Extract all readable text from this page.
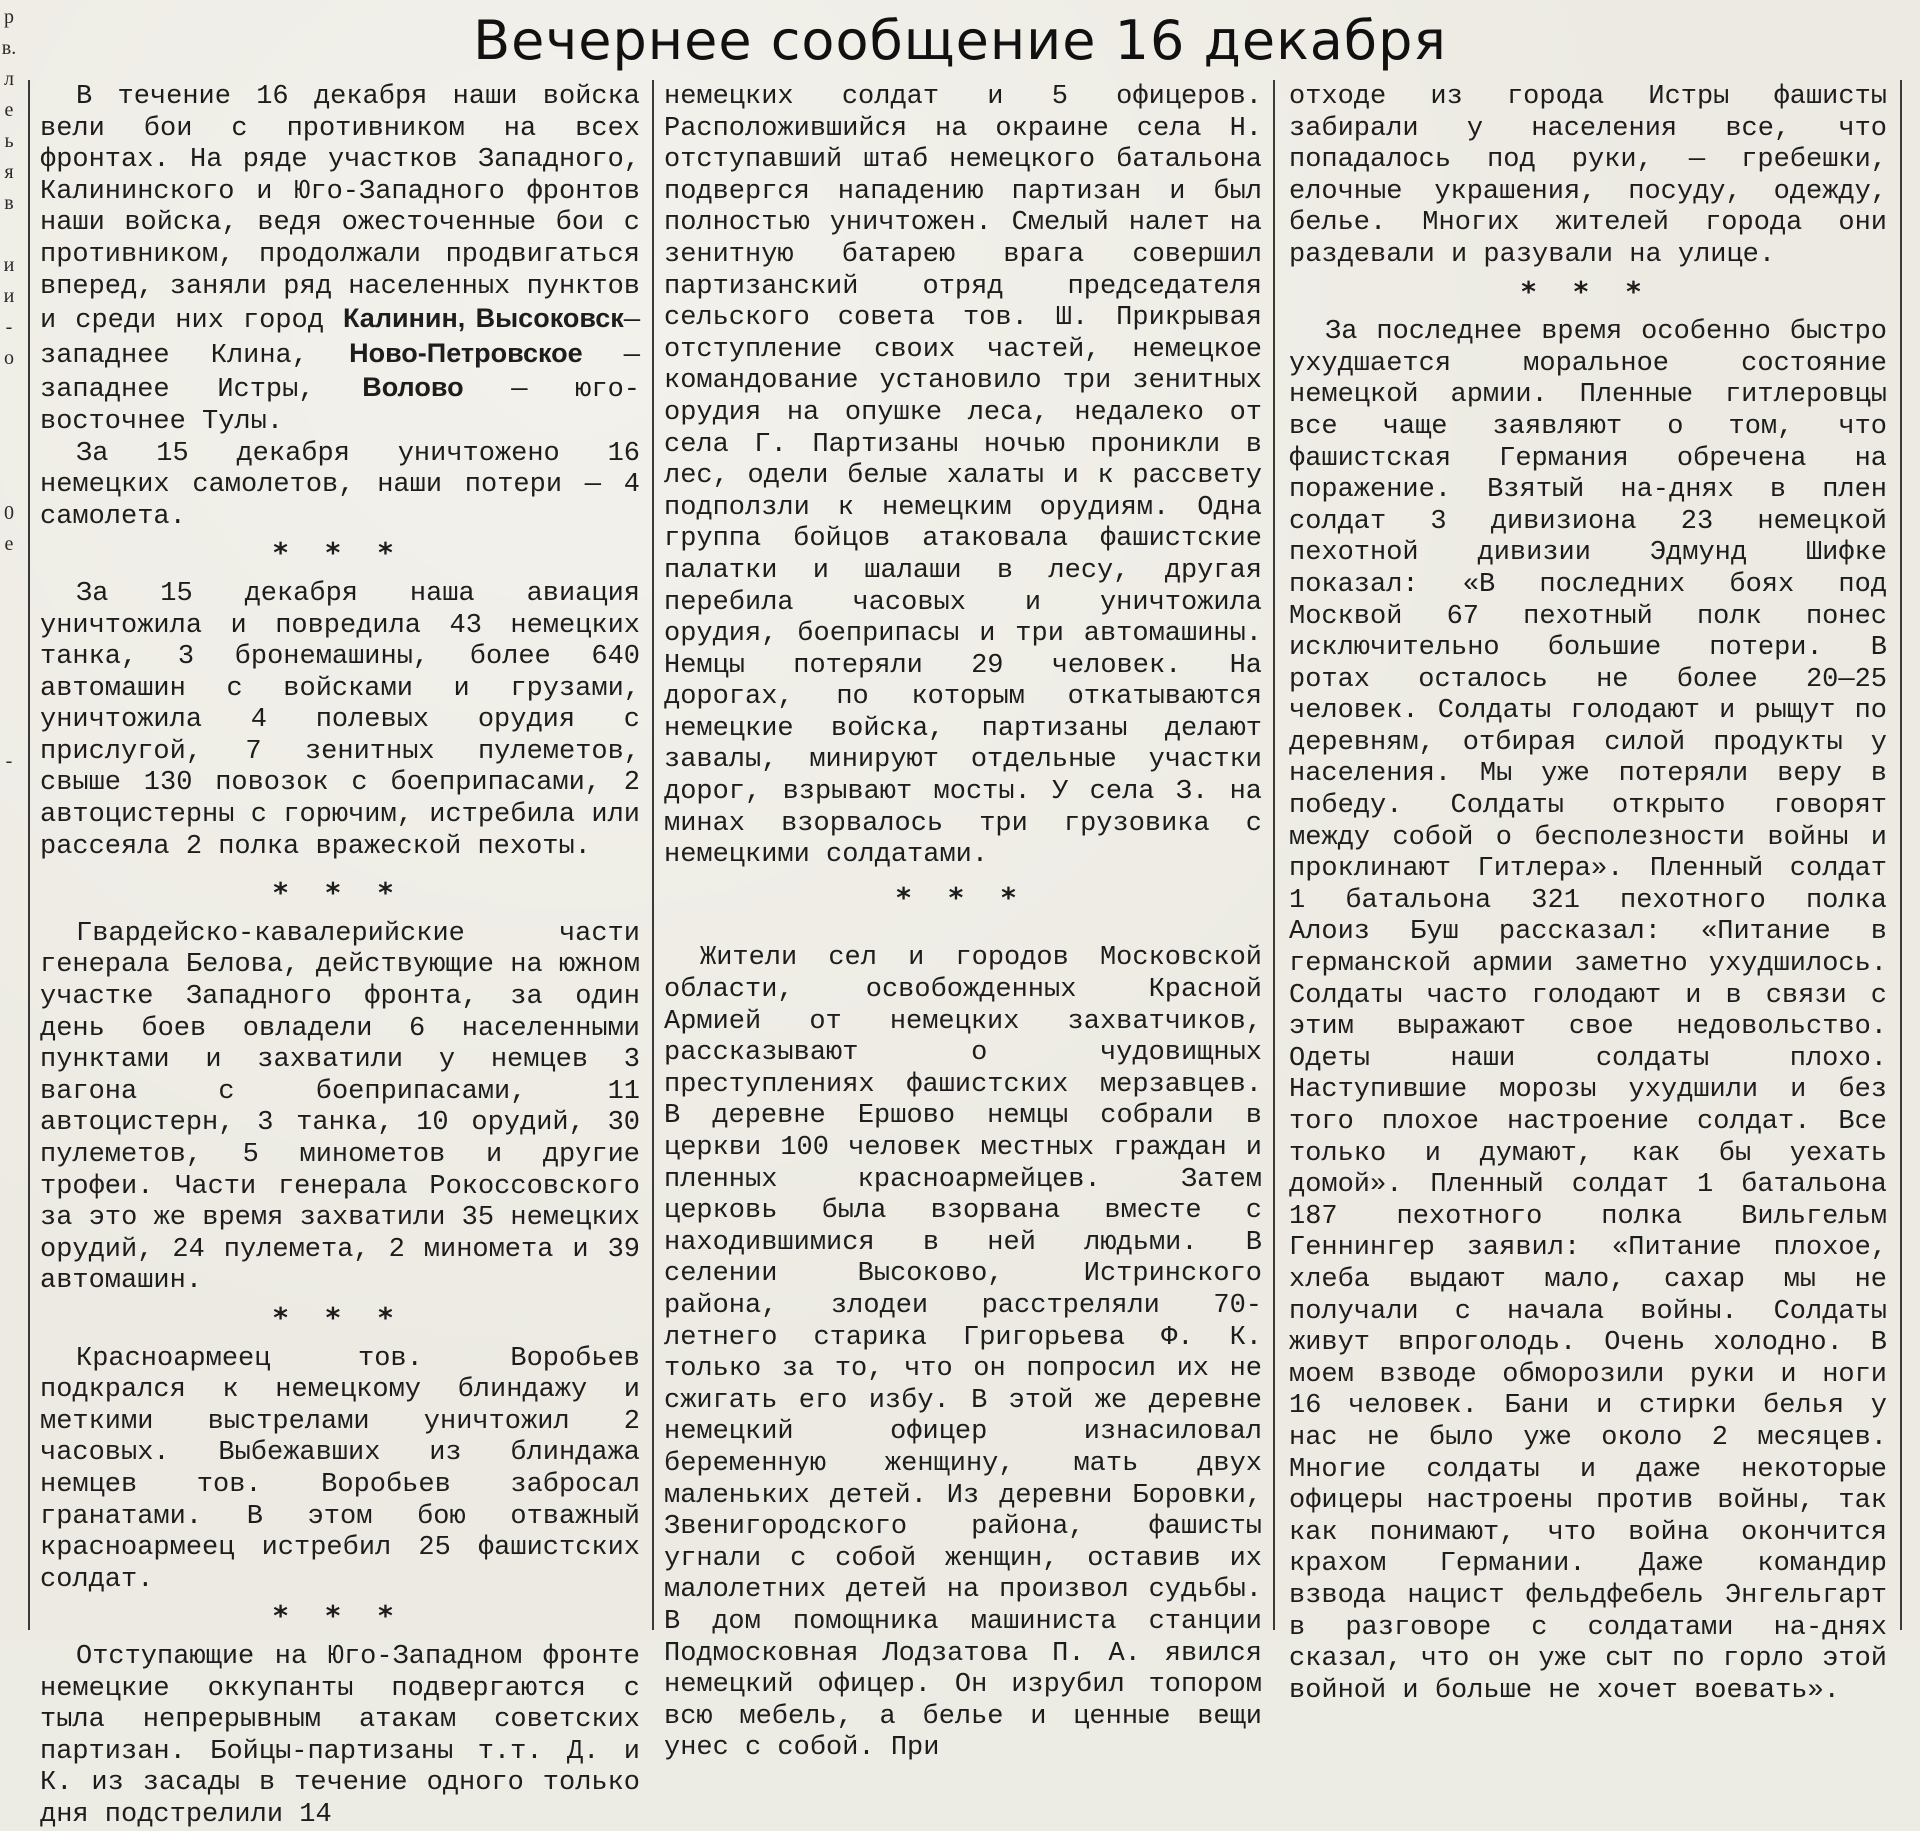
р
в.
л
е
ь
я
в
и
и
-
о
0
е
-
Вечернее сообщение 16 декабря

В течение 16 декабря наши войска вели бои с противником на всех фронтах. На ряде участков Западного, Калининского и Юго-Западного фронтов наши войска, ведя ожесточенные бои с противником, продолжали продвигаться вперед, заняли ряд населенных пунктов и среди них город Калинин, Высоковск—западнее Клина, Ново-Петровское — западнее Истры, Волово — юго-восточнее Тулы.

За 15 декабря уничтожено 16 немецких самолетов, наши потери — 4 самолета.

* * *

За 15 декабря наша авиация уничтожила и повредила 43 немецких танка, 3 бронемашины, более 640 автомашин с войсками и грузами, уничтожила 4 полевых орудия с прислугой, 7 зенитных пулеметов, свыше 130 повозок с боеприпасами, 2 автоцистерны с горючим, истребила или рассеяла 2 полка вражеской пехоты.

* * *

Гвардейско-кавалерийские части генерала Белова, действующие на южном участке Западного фронта, за один день боев овладели 6 населенными пунктами и захватили у немцев 3 вагона с боеприпасами, 11 автоцистерн, 3 танка, 10 орудий, 30 пулеметов, 5 минометов и другие трофеи. Части генерала Рокоссовского за это же время захватили 35 немецких орудий, 24 пулемета, 2 миномета и 39 автомашин.

* * *

Красноармеец тов. Воробьев подкрался к немецкому блиндажу и меткими выстрелами уничтожил 2 часовых. Выбежавших из блиндажа немцев тов. Воробьев забросал гранатами. В этом бою отважный красноармеец истребил 25 фашистских солдат.

* * *

Отступающие на Юго-Западном фронте немецкие оккупанты подвергаются с тыла непрерывным атакам советских партизан. Бойцы-партизаны т.т. Д. и К. из засады в течение одного только дня подстрелили 14

немецких солдат и 5 офицеров. Расположившийся на окраине села Н. отступавший штаб немецкого батальона подвергся нападению партизан и был полностью уничтожен. Смелый налет на зенитную батарею врага совершил партизанский отряд председателя сельского совета тов. Ш. Прикрывая отступление своих частей, немецкое командование установило три зенитных орудия на опушке леса, недалеко от села Г. Партизаны ночью проникли в лес, одели белые халаты и к рассвету подползли к немецким орудиям. Одна группа бойцов атаковала фашистские палатки и шалаши в лесу, другая перебила часовых и уничтожила орудия, боеприпасы и три автомашины. Немцы потеряли 29 человек. На дорогах, по которым откатываются немецкие войска, партизаны делают завалы, минируют отдельные участки дорог, взрывают мосты. У села З. на минах взорвалось три грузовика с немецкими солдатами.

* * *

Жители сел и городов Московской области, освобожденных Красной Армией от немецких захватчиков, рассказывают о чудовищных преступлениях фашистских мерзавцев. В деревне Ершово немцы собрали в церкви 100 человек местных граждан и пленных красноармейцев. Затем церковь была взорвана вместе с находившимися в ней людьми. В селении Высоково, Истринского района, злодеи расстреляли 70-летнего старика Григорьева Ф. К. только за то, что он попросил их не сжигать его избу. В этой же деревне немецкий офицер изнасиловал беременную женщину, мать двух маленьких детей. Из деревни Боровки, Звенигородского района, фашисты угнали с собой женщин, оставив их малолетних детей на произвол судьбы. В дом помощника машиниста станции Подмосковная Лодзатова П. А. явился немецкий офицер. Он изрубил топором всю мебель, а белье и ценные вещи унес с собой. При

отходе из города Истры фашисты забирали у населения все, что попадалось под руки, — гребешки, елочные украшения, посуду, одежду, белье. Многих жителей города они раздевали и разували на улице.

* * *

За последнее время особенно быстро ухудшается моральное состояние немецкой армии. Пленные гитлеровцы все чаще заявляют о том, что фашистская Германия обречена на поражение. Взятый на-днях в плен солдат 3 дивизиона 23 немецкой пехотной дивизии Эдмунд Шифке показал: «В последних боях под Москвой 67 пехотный полк понес исключительно большие потери. В ротах осталось не более 20—25 человек. Солдаты голодают и рыщут по деревням, отбирая силой продукты у населения. Мы уже потеряли веру в победу. Солдаты открыто говорят между собой о бесполезности войны и проклинают Гитлера». Пленный солдат 1 батальона 321 пехотного полка Алоиз Буш рассказал: «Питание в германской армии заметно ухудшилось. Солдаты часто голодают и в связи с этим выражают свое недовольство. Одеты наши солдаты плохо. Наступившие морозы ухудшили и без того плохое настроение солдат. Все только и думают, как бы уехать домой». Пленный солдат 1 батальона 187 пехотного полка Вильгельм Геннингер заявил: «Питание плохое, хлеба выдают мало, сахар мы не получали с начала войны. Солдаты живут впроголодь. Очень холодно. В моем взводе обморозили руки и ноги 16 человек. Бани и стирки белья у нас не было уже около 2 месяцев. Многие солдаты и даже некоторые офицеры настроены против войны, так как понимают, что война окончится крахом Германии. Даже командир взвода нацист фельдфебель Энгельгарт в разговоре с солдатами на-днях сказал, что он уже сыт по горло этой войной и больше не хочет воевать».
